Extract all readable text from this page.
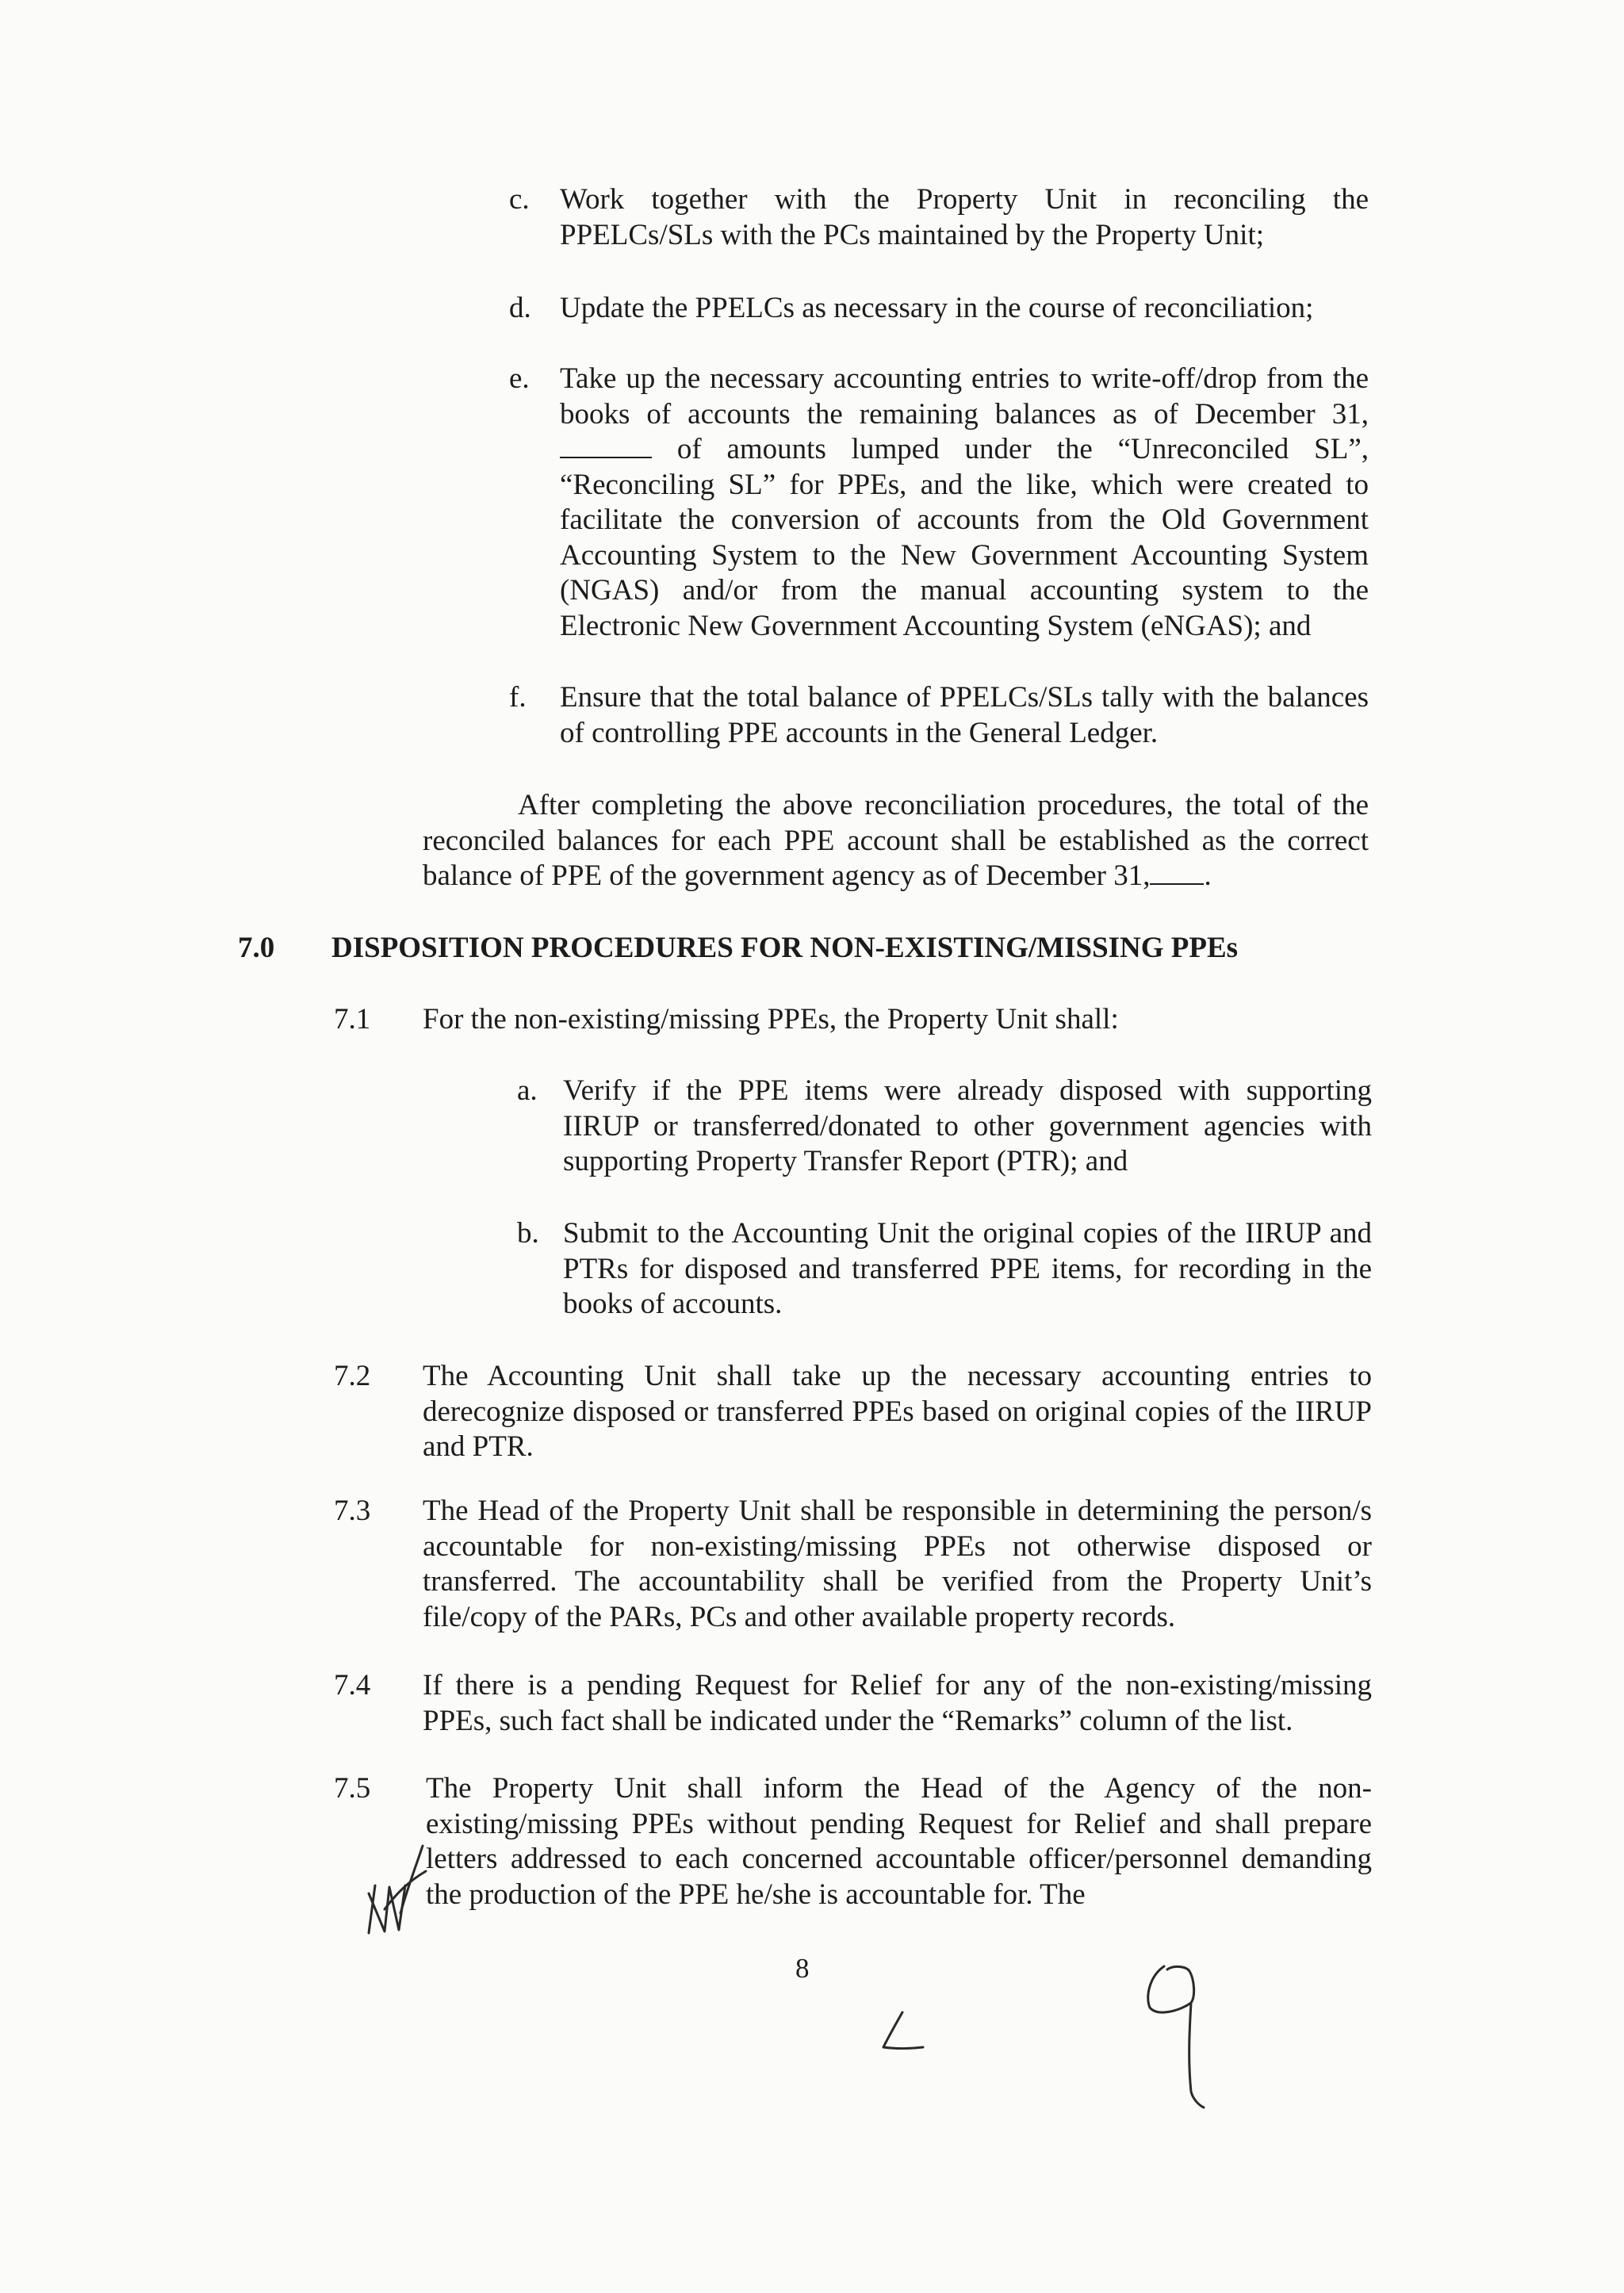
c. Work together with the Property Unit in reconciling the PPELCs/SLs with the PCs maintained by the Property Unit;

d. Update the PPELCs as necessary in the course of reconciliation;

e. Take up the necessary accounting entries to write-off/drop from the books of accounts the remaining balances as of December 31,  of amounts lumped under the “Unreconciled SL”, “Reconciling SL” for PPEs, and the like, which were created to facilitate the conversion of accounts from the Old Government Accounting System to the New Government Accounting System (NGAS) and/or from the manual accounting system to the Electronic New Government Accounting System (eNGAS); and

f. Ensure that the total balance of PPELCs/SLs tally with the balances of controlling PPE accounts in the General Ledger.

After completing the above reconciliation procedures, the total of the reconciled balances for each PPE account shall be established as the correct balance of PPE of the government agency as of December 31, .

7.0 DISPOSITION PROCEDURES FOR NON-EXISTING/MISSING PPEs
7.1 For the non-existing/missing PPEs, the Property Unit shall:

a. Verify if the PPE items were already disposed with supporting IIRUP or transferred/donated to other government agencies with supporting Property Transfer Report (PTR); and

b. Submit to the Accounting Unit the original copies of the IIRUP and PTRs for disposed and transferred PPE items, for recording in the books of accounts.

7.2 The Accounting Unit shall take up the necessary accounting entries to derecognize disposed or transferred PPEs based on original copies of the IIRUP and PTR.

7.3 The Head of the Property Unit shall be responsible in determining the person/s accountable for non-existing/missing PPEs not otherwise disposed or transferred. The accountability shall be verified from the Property Unit’s file/copy of the PARs, PCs and other available property records.

7.4 If there is a pending Request for Relief for any of the non-existing/missing PPEs, such fact shall be indicated under the “Remarks” column of the list.

7.5 The Property Unit shall inform the Head of the Agency of the non-existing/missing PPEs without pending Request for Relief and shall prepare letters addressed to each concerned accountable officer/personnel demanding the production of the PPE he/she is accountable for. The

8
